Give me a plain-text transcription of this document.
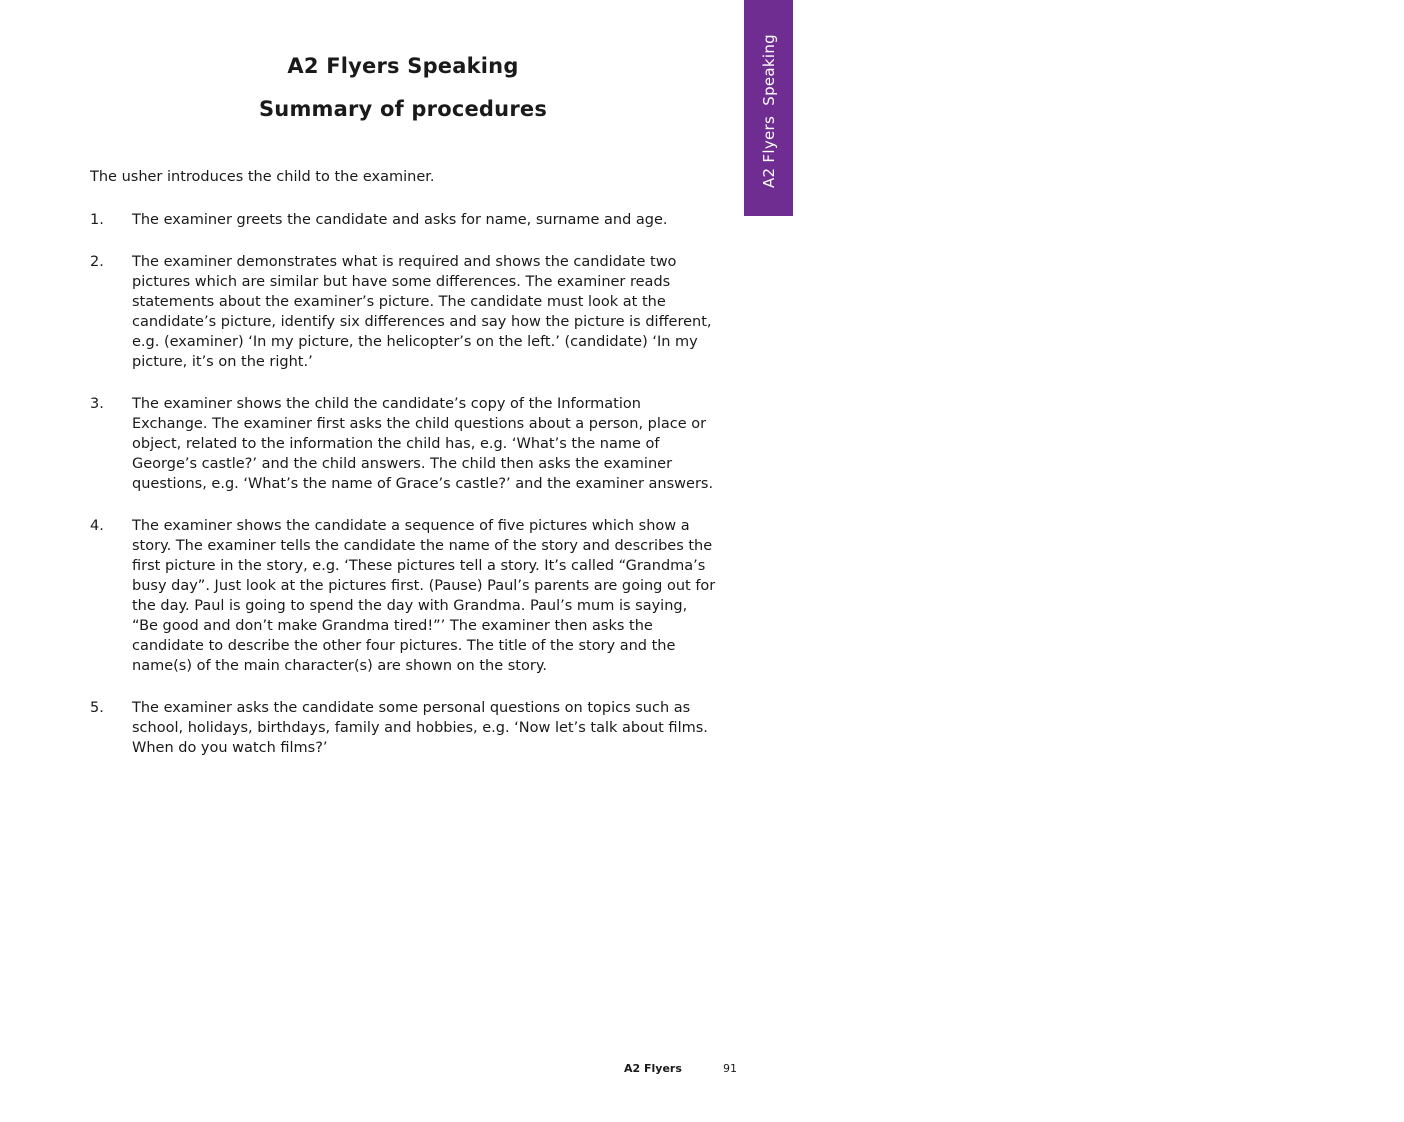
A2 Flyers Speaking
Summary of procedures	A2 Flyers  Speaking

The usher introduces the child to the examiner.

1.	The examiner greets the candidate and asks for name, surname and age.
2.	The examiner demonstrates what is required and shows the candidate two pictures which are similar but have some differences. The examiner reads statements about the examiner’s picture. The candidate must look at the candidate’s picture, identify six differences and say how the picture is different, e.g. (examiner) ‘In my picture, the helicopter’s on the left.’ (candidate) ‘In my picture, it’s on the right.’
3.	The examiner shows the child the candidate’s copy of the Information Exchange. The examiner first asks the child questions about a person, place or object, related to the information the child has, e.g. ‘What’s the name of George’s castle?’ and the child answers. The child then asks the examiner questions, e.g. ‘What’s the name of Grace’s castle?’ and the examiner answers.
4.	The examiner shows the candidate a sequence of five pictures which show a story. The examiner tells the candidate the name of the story and describes the first picture in the story, e.g. ‘These pictures tell a story. It’s called “Grandma’s busy day”. Just look at the pictures first. (Pause) Paul’s parents are going out for the day. Paul is going to spend the day with Grandma. Paul’s mum is saying, “Be good and don’t make Grandma tired!”’ The examiner then asks the candidate to describe the other four pictures. The title of the story and the name(s) of the main character(s) are shown on the story.
5.	The examiner asks the candidate some personal questions on topics such as school, holidays, birthdays, family and hobbies, e.g. ‘Now let’s talk about films. When do you watch films?’
A2 Flyers	91
